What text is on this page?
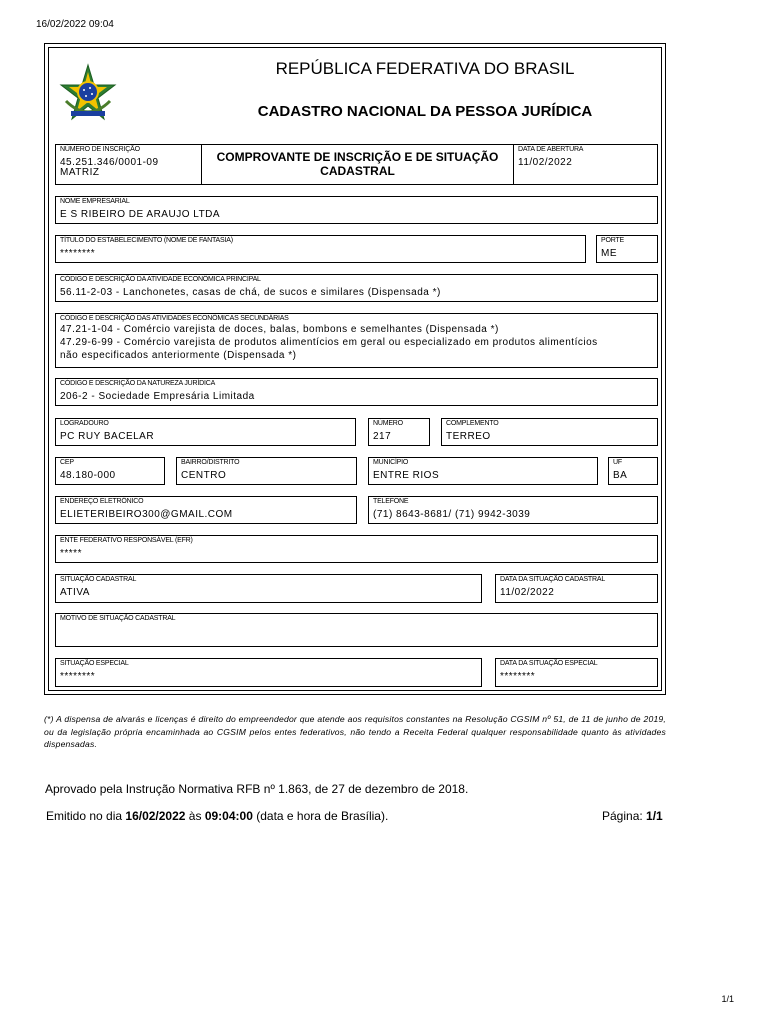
16/02/2022 09:04
REPÚBLICA FEDERATIVA DO BRASIL
CADASTRO NACIONAL DA PESSOA JURÍDICA
NÚMERO DE INSCRIÇÃO
45.251.346/0001-09
MATRIZ
COMPROVANTE DE INSCRIÇÃO E DE SITUAÇÃO
CADASTRAL
DATA DE ABERTURA
11/02/2022
NOME EMPRESARIAL
E S RIBEIRO DE ARAUJO LTDA
TÍTULO DO ESTABELECIMENTO (NOME DE FANTASIA)
********
PORTE
ME
CÓDIGO E DESCRIÇÃO DA ATIVIDADE ECONÔMICA PRINCIPAL
56.11-2-03 - Lanchonetes, casas de chá, de sucos e similares (Dispensada *)
CÓDIGO E DESCRIÇÃO DAS ATIVIDADES ECONÔMICAS SECUNDÁRIAS
47.21-1-04 - Comércio varejista de doces, balas, bombons e semelhantes (Dispensada *)
47.29-6-99 - Comércio varejista de produtos alimentícios em geral ou especializado em produtos alimentícios
não especificados anteriormente (Dispensada *)
CÓDIGO E DESCRIÇÃO DA NATUREZA JURÍDICA
206-2 - Sociedade Empresária Limitada
LOGRADOURO
PC RUY BACELAR
NÚMERO
217
COMPLEMENTO
TERREO
CEP
48.180-000
BAIRRO/DISTRITO
CENTRO
MUNICÍPIO
ENTRE RIOS
UF
BA
ENDEREÇO ELETRÔNICO
ELIETERIBEIRO300@GMAIL.COM
TELEFONE
(71) 8643-8681/ (71) 9942-3039
ENTE FEDERATIVO RESPONSÁVEL (EFR)
*****
SITUAÇÃO CADASTRAL
ATIVA
DATA DA SITUAÇÃO CADASTRAL
11/02/2022
MOTIVO DE SITUAÇÃO CADASTRAL
SITUAÇÃO ESPECIAL
********
DATA DA SITUAÇÃO ESPECIAL
********
(*) A dispensa de alvarás e licenças é direito do empreendedor que atende aos requisitos constantes na Resolução CGSIM nº 51, de 11 de junho de 2019, ou da legislação própria encaminhada ao CGSIM pelos entes federativos, não tendo a Receita Federal qualquer responsabilidade quanto às atividades dispensadas.
Aprovado pela Instrução Normativa RFB nº 1.863, de 27 de dezembro de 2018.
Emitido no dia 16/02/2022 às 09:04:00 (data e hora de Brasília).	Página: 1/1
1/1
